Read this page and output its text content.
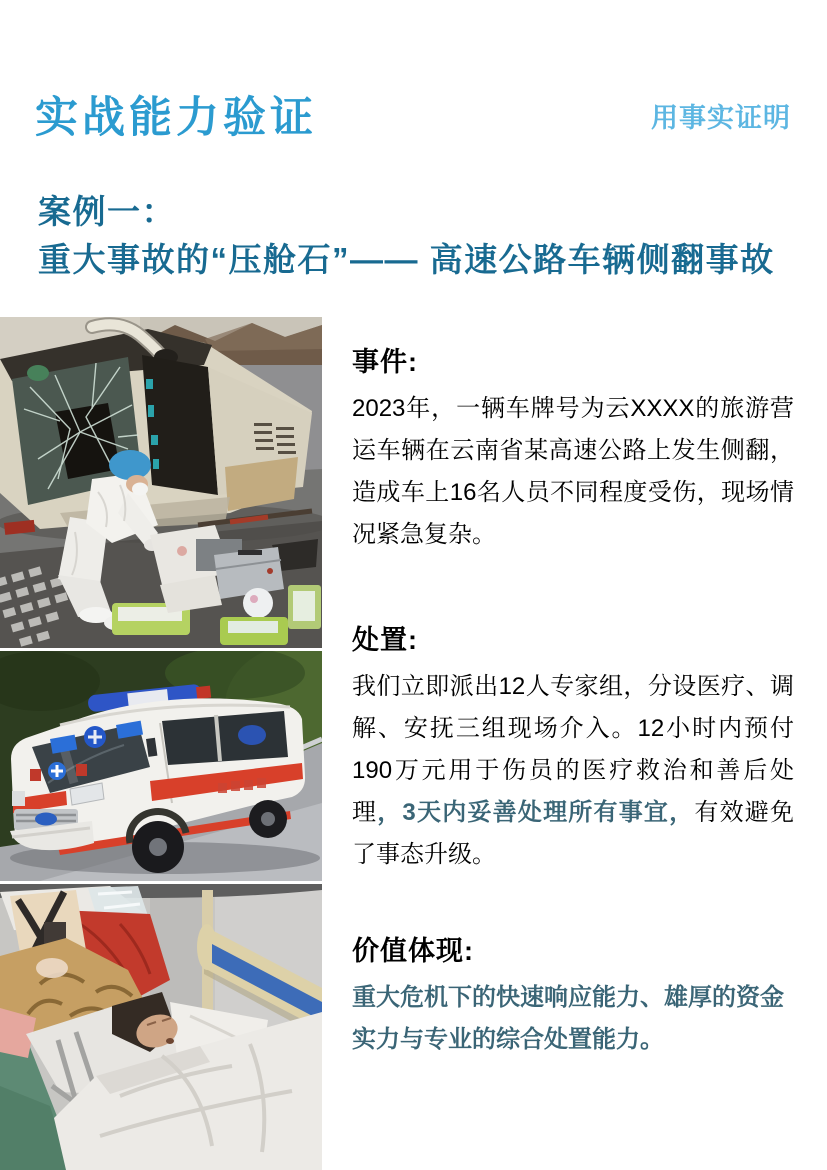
实战能力验证	用事实证明
案例一：
重大事故的“压舱石”—— 高速公路车辆侧翻事故
事件:

2023年，一辆车牌号为云XXXX的旅游营运车辆在云南省某高速公路上发生侧翻，造成车上16名人员不同程度受伤，现场情况紧急复杂。

处置:

我们立即派出12人专家组，分设医疗、调解、安抚三组现场介入。12小时内预付190万元用于伤员的医疗救治和善后处理，3天内妥善处理所有事宜，有效避免了事态升级。

价值体现:

重大危机下的快速响应能力、雄厚的资金实力与专业的综合处置能力。
